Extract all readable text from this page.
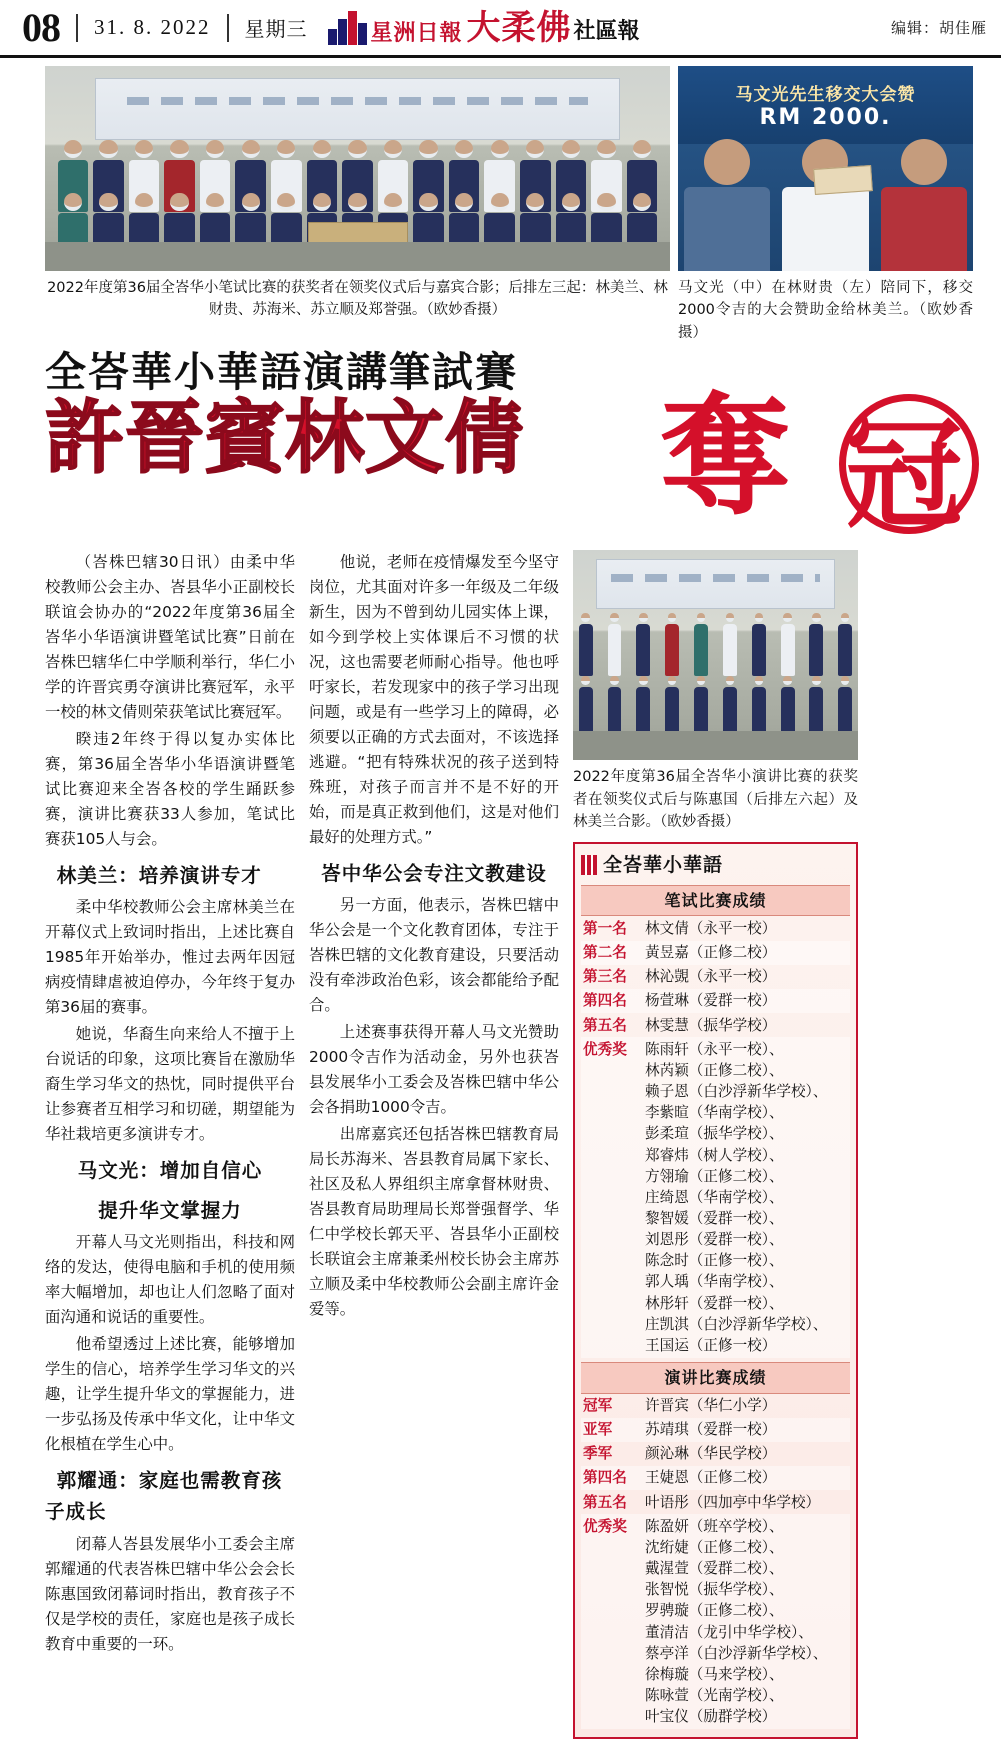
08 31. 8. 2022 星期三	星洲日報 大柔佛 社區報	编辑：胡佳雁
马文光先生移交大会赞
RM 2000.
2022年度第36届全峇华小笔试比赛的获奖者在领奖仪式后与嘉宾合影；后排左三起：林美兰、林财贵、苏海米、苏立顺及郑誉强。（欧妙香摄）
马文光（中）在林财贵（左）陪同下，移交2000令吉的大会赞助金给林美兰。（欧妙香摄）
全峇華小華語演講筆試賽
許晉賓林文倩	奪 冠

（峇株巴辖30日讯）由柔中华校教师公会主办、峇县华小正副校长联谊会协办的“2022年度第36届全峇华小华语演讲暨笔试比赛”日前在峇株巴辖华仁中学顺利举行，华仁小学的许晋宾勇夺演讲比赛冠军，永平一校的林文倩则荣获笔试比赛冠军。

睽违2年终于得以复办实体比赛，第36届全峇华小华语演讲暨笔试比赛迎来全峇各校的学生踊跃参赛，演讲比赛获33人参加，笔试比赛获105人与会。

林美兰：培养演讲专才

柔中华校教师公会主席林美兰在开幕仪式上致词时指出，上述比赛自1985年开始举办，惟过去两年因冠病疫情肆虐被迫停办，今年终于复办第36届的赛事。

她说，华裔生向来给人不擅于上台说话的印象，这项比赛旨在激励华裔生学习华文的热忱，同时提供平台让参赛者互相学习和切磋，期望能为华社栽培更多演讲专才。

马文光：增加自信心
提升华文掌握力

开幕人马文光则指出，科技和网络的发达，使得电脑和手机的使用频率大幅增加，却也让人们忽略了面对面沟通和说话的重要性。

他希望透过上述比赛，能够增加学生的信心，培养学生学习华文的兴趣，让学生提升华文的掌握能力，进一步弘扬及传承中华文化，让中华文化根植在学生心中。

郭耀通：家庭也需教育孩子成长

闭幕人峇县发展华小工委会主席郭耀通的代表峇株巴辖中华公会会长陈惠国致闭幕词时指出，教育孩子不仅是学校的责任，家庭也是孩子成长教育中重要的一环。

他说，老师在疫情爆发至今坚守岗位，尤其面对许多一年级及二年级新生，因为不曾到幼儿园实体上课，如今到学校上实体课后不习惯的状况，这也需要老师耐心指导。他也呼吁家长，若发现家中的孩子学习出现问题，或是有一些学习上的障碍，必须要以正确的方式去面对，不该选择逃避。“把有特殊状况的孩子送到特殊班，对孩子而言并不是不好的开始，而是真正救到他们，这是对他们最好的处理方式。”

峇中华公会专注文教建设

另一方面，他表示，峇株巴辖中华公会是一个文化教育团体，专注于峇株巴辖的文化教育建设，只要活动没有牵涉政治色彩，该会都能给予配合。

上述赛事获得开幕人马文光赞助2000令吉作为活动金，另外也获峇县发展华小工委会及峇株巴辖中华公会各捐助1000令吉。

出席嘉宾还包括峇株巴辖教育局局长苏海米、峇县教育局属下家长、社区及私人界组织主席拿督林财贵、峇县教育局助理局长郑誉强督学、华仁中学校长郭天平、峇县华小正副校长联谊会主席兼柔州校长协会主席苏立顺及柔中华校教师公会副主席许金爱等。

2022年度第36届全峇华小演讲比赛的获奖者在领奖仪式后与陈惠国（后排左六起）及林美兰合影。（欧妙香摄）
全峇華小華語
笔试比赛成绩
第一名	林文倩（永平一校）
第二名	黃昱嘉（正修二校）
第三名	林沁覬（永平一校）
第四名	杨萱琳（爱群一校）
第五名	林雯慧（振华学校）
优秀奖	陈雨轩（永平一校）、
林芮颖（正修二校）、
赖子恩（白沙浮新华学校）、
李紫暄（华南学校）、
彭柔瑄（振华学校）、
郑睿炜（树人学校）、
方翎瑜（正修二校）、
庄绮恩（华南学校）、
黎智媛（爱群一校）、
刘恩彤（爱群一校）、
陈念时（正修一校）、
郭人瑀（华南学校）、
林彤轩（爱群一校）、
庄凯淇（白沙浮新华学校）、
王国运（正修一校）
演讲比赛成绩
冠军	许晋宾（华仁小学）
亚军	苏靖琪（爱群一校）
季军	颜沁琳（华民学校）
第四名	王婕恩（正修二校）
第五名	叶语彤（四加亭中华学校）
优秀奖	陈盈妍（班卒学校）、
沈绗婕（正修二校）、
戴湦萱（爱群二校）、
张智悦（振华学校）、
罗骋璇（正修二校）、
董清洁（龙引中华学校）、
蔡亭洋（白沙浮新华学校）、
徐梅璇（马来学校）、
陈咏萱（光南学校）、
叶宝仪（励群学校）
